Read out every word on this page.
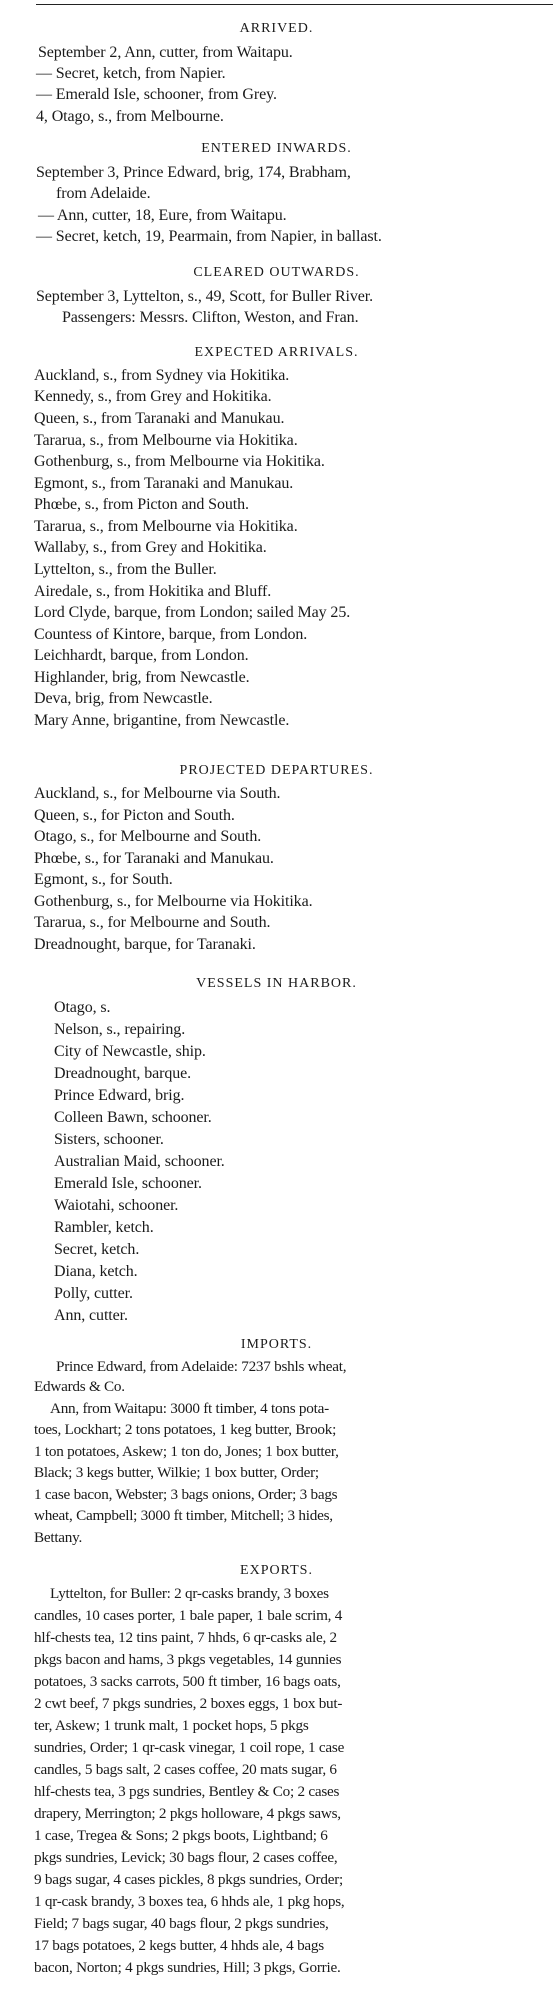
ARRIVED.
September 2, Ann, cutter, from Waitapu.
— Secret, ketch, from Napier.
— Emerald Isle, schooner, from Grey.
4, Otago, s., from Melbourne.
ENTERED INWARDS.
September 3, Prince Edward, brig, 174, Brabham,
from Adelaide.
— Ann, cutter, 18, Eure, from Waitapu.
— Secret, ketch, 19, Pearmain, from Napier, in ballast.
CLEARED OUTWARDS.
September 3, Lyttelton, s., 49, Scott, for Buller River.
Passengers: Messrs. Clifton, Weston, and Fran.
EXPECTED ARRIVALS.
Auckland, s., from Sydney via Hokitika.
Kennedy, s., from Grey and Hokitika.
Queen, s., from Taranaki and Manukau.
Tararua, s., from Melbourne via Hokitika.
Gothenburg, s., from Melbourne via Hokitika.
Egmont, s., from Taranaki and Manukau.
Phœbe, s., from Picton and South.
Tararua, s., from Melbourne via Hokitika.
Wallaby, s., from Grey and Hokitika.
Lyttelton, s., from the Buller.
Airedale, s., from Hokitika and Bluff.
Lord Clyde, barque, from London; sailed May 25.
Countess of Kintore, barque, from London.
Leichhardt, barque, from London.
Highlander, brig, from Newcastle.
Deva, brig, from Newcastle.
Mary Anne, brigantine, from Newcastle.
PROJECTED DEPARTURES.
Auckland, s., for Melbourne via South.
Queen, s., for Picton and South.
Otago, s., for Melbourne and South.
Phœbe, s., for Taranaki and Manukau.
Egmont, s., for South.
Gothenburg, s., for Melbourne via Hokitika.
Tararua, s., for Melbourne and South.
Dreadnought, barque, for Taranaki.
VESSELS IN HARBOR.
Otago, s.
Nelson, s., repairing.
City of Newcastle, ship.
Dreadnought, barque.
Prince Edward, brig.
Colleen Bawn, schooner.
Sisters, schooner.
Australian Maid, schooner.
Emerald Isle, schooner.
Waiotahi, schooner.
Rambler, ketch.
Secret, ketch.
Diana, ketch.
Polly, cutter.
Ann, cutter.
IMPORTS.
Prince Edward, from Adelaide: 7237 bshls wheat,
Edwards & Co.
Ann, from Waitapu: 3000 ft timber, 4 tons pota-
toes, Lockhart; 2 tons potatoes, 1 keg butter, Brook;
1 ton potatoes, Askew; 1 ton do, Jones; 1 box butter,
Black; 3 kegs butter, Wilkie; 1 box butter, Order;
1 case bacon, Webster; 3 bags onions, Order; 3 bags
wheat, Campbell; 3000 ft timber, Mitchell; 3 hides,
Bettany.
EXPORTS.
Lyttelton, for Buller: 2 qr-casks brandy, 3 boxes
candles, 10 cases porter, 1 bale paper, 1 bale scrim, 4
hlf-chests tea, 12 tins paint, 7 hhds, 6 qr-casks ale, 2
pkgs bacon and hams, 3 pkgs vegetables, 14 gunnies
potatoes, 3 sacks carrots, 500 ft timber, 16 bags oats,
2 cwt beef, 7 pkgs sundries, 2 boxes eggs, 1 box but-
ter, Askew; 1 trunk malt, 1 pocket hops, 5 pkgs
sundries, Order; 1 qr-cask vinegar, 1 coil rope, 1 case
candles, 5 bags salt, 2 cases coffee, 20 mats sugar, 6
hlf-chests tea, 3 pgs sundries, Bentley & Co; 2 cases
drapery, Merrington; 2 pkgs holloware, 4 pkgs saws,
1 case, Tregea & Sons; 2 pkgs boots, Lightband; 6
pkgs sundries, Levick; 30 bags flour, 2 cases coffee,
9 bags sugar, 4 cases pickles, 8 pkgs sundries, Order;
1 qr-cask brandy, 3 boxes tea, 6 hhds ale, 1 pkg hops,
Field; 7 bags sugar, 40 bags flour, 2 pkgs sundries,
17 bags potatoes, 2 kegs butter, 4 hhds ale, 4 bags
bacon, Norton; 4 pkgs sundries, Hill; 3 pkgs, Gorrie.
